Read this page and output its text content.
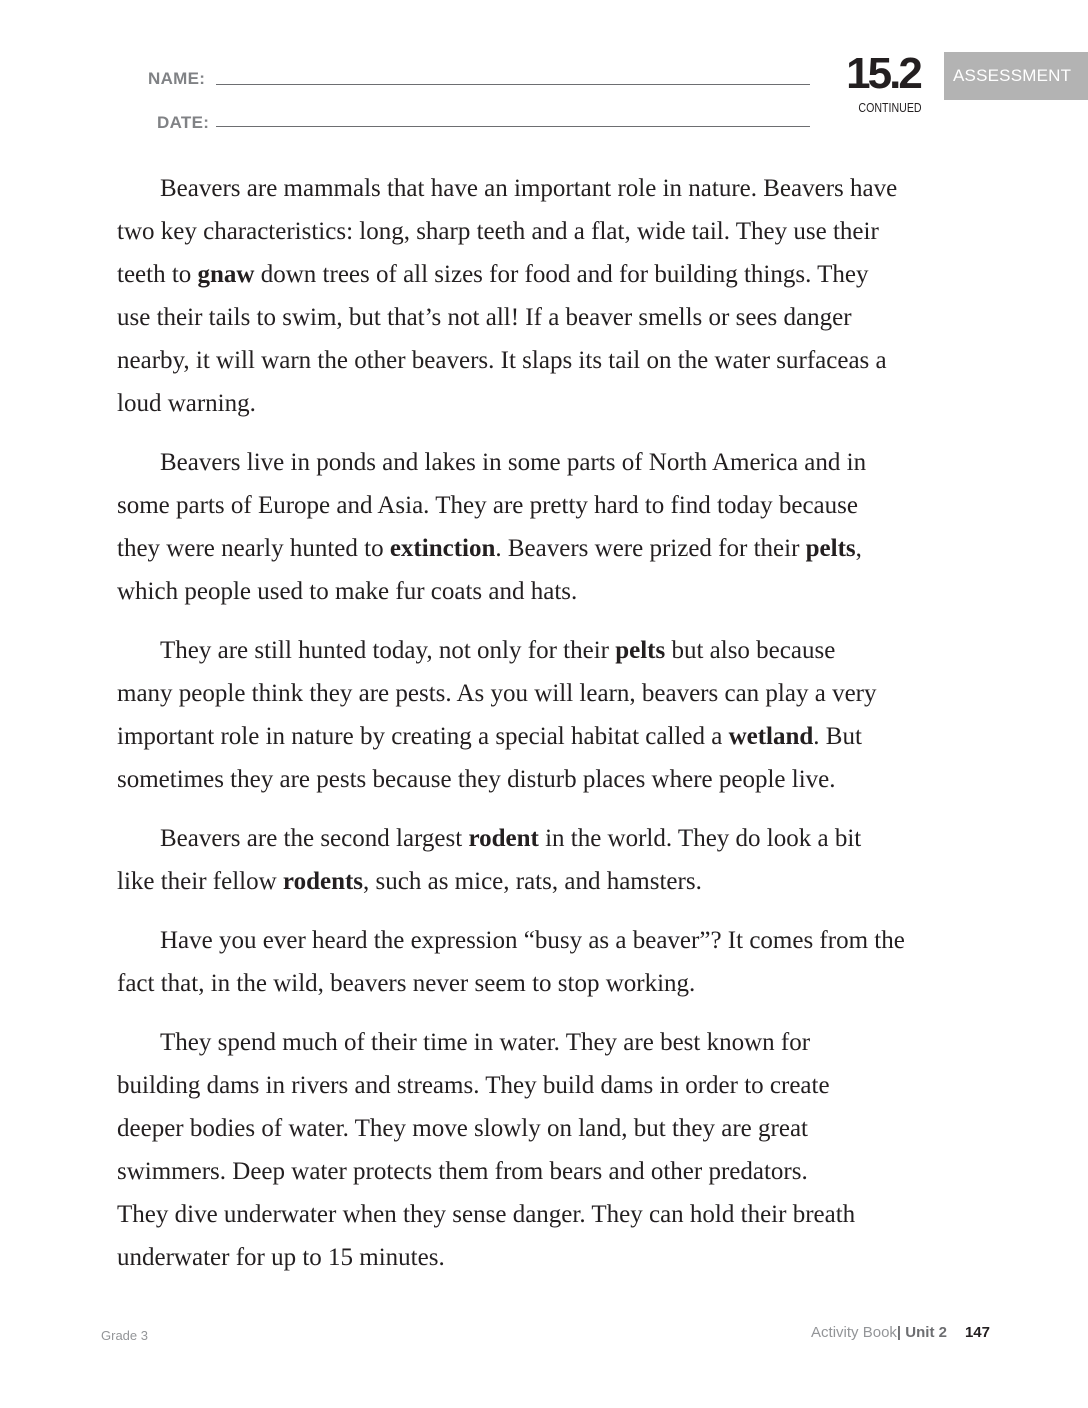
NAME:
DATE:
15.2
CONTINUED
ASSESSMENT

Beavers are mammals that have an important role in nature. Beavers have
two key characteristics: long, sharp teeth and a flat, wide tail. They use their
teeth to gnaw down trees of all sizes for food and for building things. They
use their tails to swim, but that’s not all! If a beaver smells or sees danger
nearby, it will warn the other beavers. It slaps its tail on the water surfaceas a
loud warning.

Beavers live in ponds and lakes in some parts of North America and in
some parts of Europe and Asia. They are pretty hard to find today because
they were nearly hunted to extinction. Beavers were prized for their pelts,
which people used to make fur coats and hats.

They are still hunted today, not only for their pelts but also because
many people think they are pests. As you will learn, beavers can play a very
important role in nature by creating a special habitat called a wetland. But
sometimes they are pests because they disturb places where people live.

Beavers are the second largest rodent in the world. They do look a bit
like their fellow rodents, such as mice, rats, and hamsters.

Have you ever heard the expression “busy as a beaver”? It comes from the
fact that, in the wild, beavers never seem to stop working.

They spend much of their time in water. They are best known for
building dams in rivers and streams. They build dams in order to create
deeper bodies of water. They move slowly on land, but they are great
swimmers. Deep water protects them from bears and other predators.
They dive underwater when they sense danger. They can hold their breath
underwater for up to 15 minutes.

Grade 3	Activity Book| Unit 2 147
